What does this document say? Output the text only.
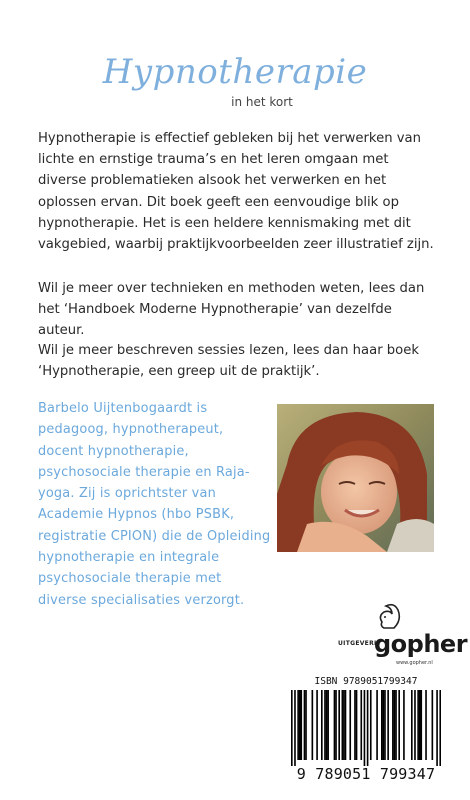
Hypnotherapie
in het kort

Hypnotherapie is effectief gebleken bij het verwerken van lichte en ernstige trauma’s en het leren omgaan met diverse problematieken alsook het verwerken en het oplossen ervan. Dit boek geeft een eenvoudige blik op hypnotherapie. Het is een heldere kennismaking met dit vakgebied, waarbij praktijkvoorbeelden zeer illustratief zijn.

Wil je meer over technieken en methoden weten, lees dan het ‘Handboek Moderne Hypnotherapie’ van dezelfde auteur.

Wil je meer beschreven sessies lezen, lees dan haar boek ‘Hypnotherapie, een greep uit de praktijk’.

Barbelo Uijtenbogaardt is pedagoog, hypnotherapeut, docent hypnotherapie, psychosociale therapie en Raja-yoga. Zij is oprichtster van Academie Hypnos (hbo PSBK, registratie CPION) die de Opleiding hypnotherapie en integrale psychosociale therapie met diverse specialisaties verzorgt.
UITGEVERIJ
gopher
www.gopher.nl
ISBN 9789051799347
9 789051 799347
